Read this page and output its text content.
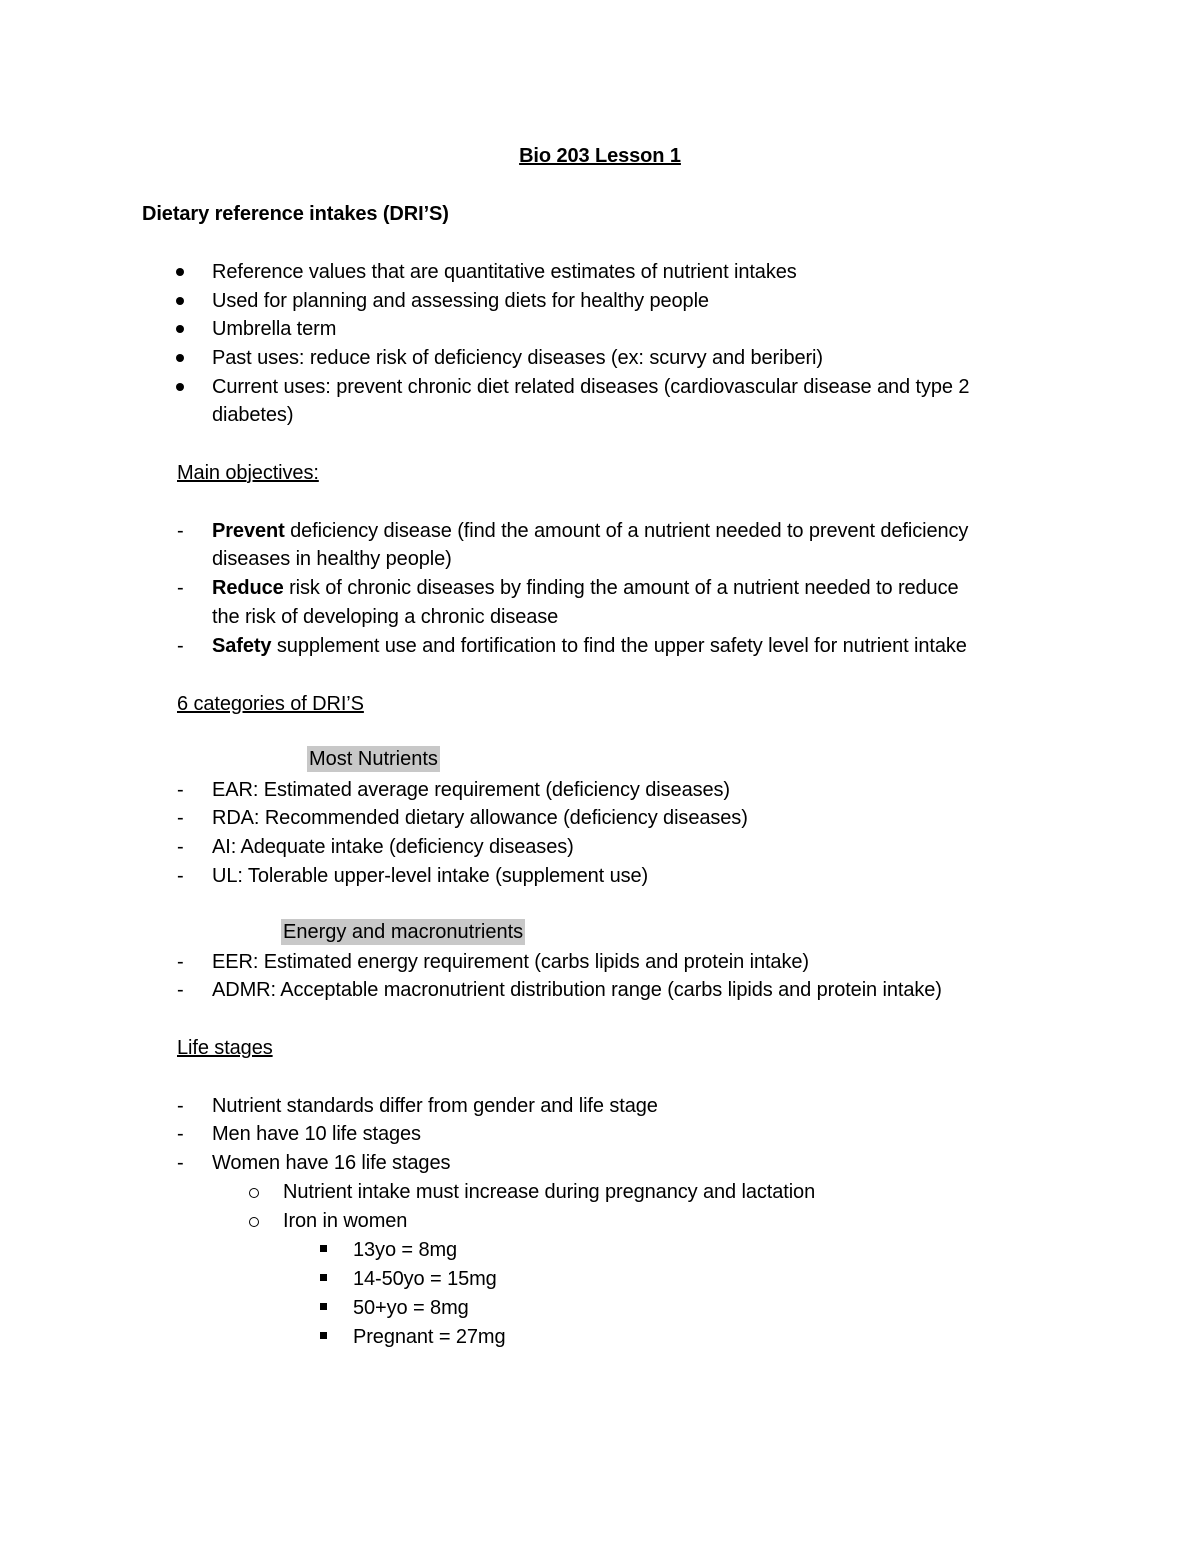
Bio 203 Lesson 1
Dietary reference intakes (DRI’S)
Reference values that are quantitative estimates of nutrient intakes
Used for planning and assessing diets for healthy people
Umbrella term
Past uses: reduce risk of deficiency diseases (ex: scurvy and beriberi)
Current uses: prevent chronic diet related diseases (cardiovascular disease and type 2
diabetes)
Main objectives:
- Prevent deficiency disease (find the amount of a nutrient needed to prevent deficiency
diseases in healthy people)
- Reduce risk of chronic diseases by finding the amount of a nutrient needed to reduce
the risk of developing a chronic disease
- Safety supplement use and fortification to find the upper safety level for nutrient intake
6 categories of DRI’S
Most Nutrients
- EAR: Estimated average requirement (deficiency diseases)
- RDA: Recommended dietary allowance (deficiency diseases)
- AI: Adequate intake (deficiency diseases)
- UL: Tolerable upper-level intake (supplement use)
Energy and macronutrients
- EER: Estimated energy requirement (carbs lipids and protein intake)
- ADMR: Acceptable macronutrient distribution range (carbs lipids and protein intake)
Life stages
- Nutrient standards differ from gender and life stage
- Men have 10 life stages
- Women have 16 life stages
Nutrient intake must increase during pregnancy and lactation
Iron in women
13yo = 8mg
14-50yo = 15mg
50+yo = 8mg
Pregnant = 27mg
